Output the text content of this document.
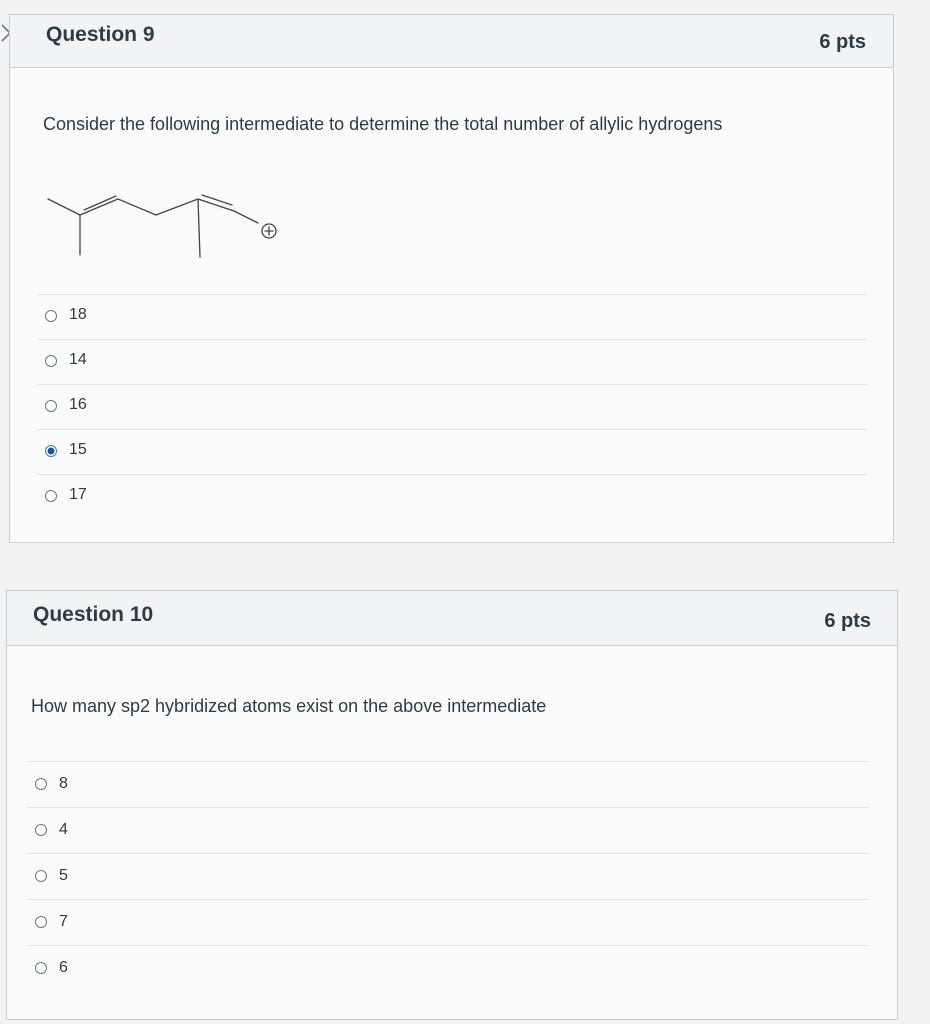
Question 9	6 pts
Consider the following intermediate to determine the total number of allylic hydrogens
18
14
16
15
17
Question 10	6 pts
How many sp2 hybridized atoms exist on the above intermediate
8
4
5
7
6
